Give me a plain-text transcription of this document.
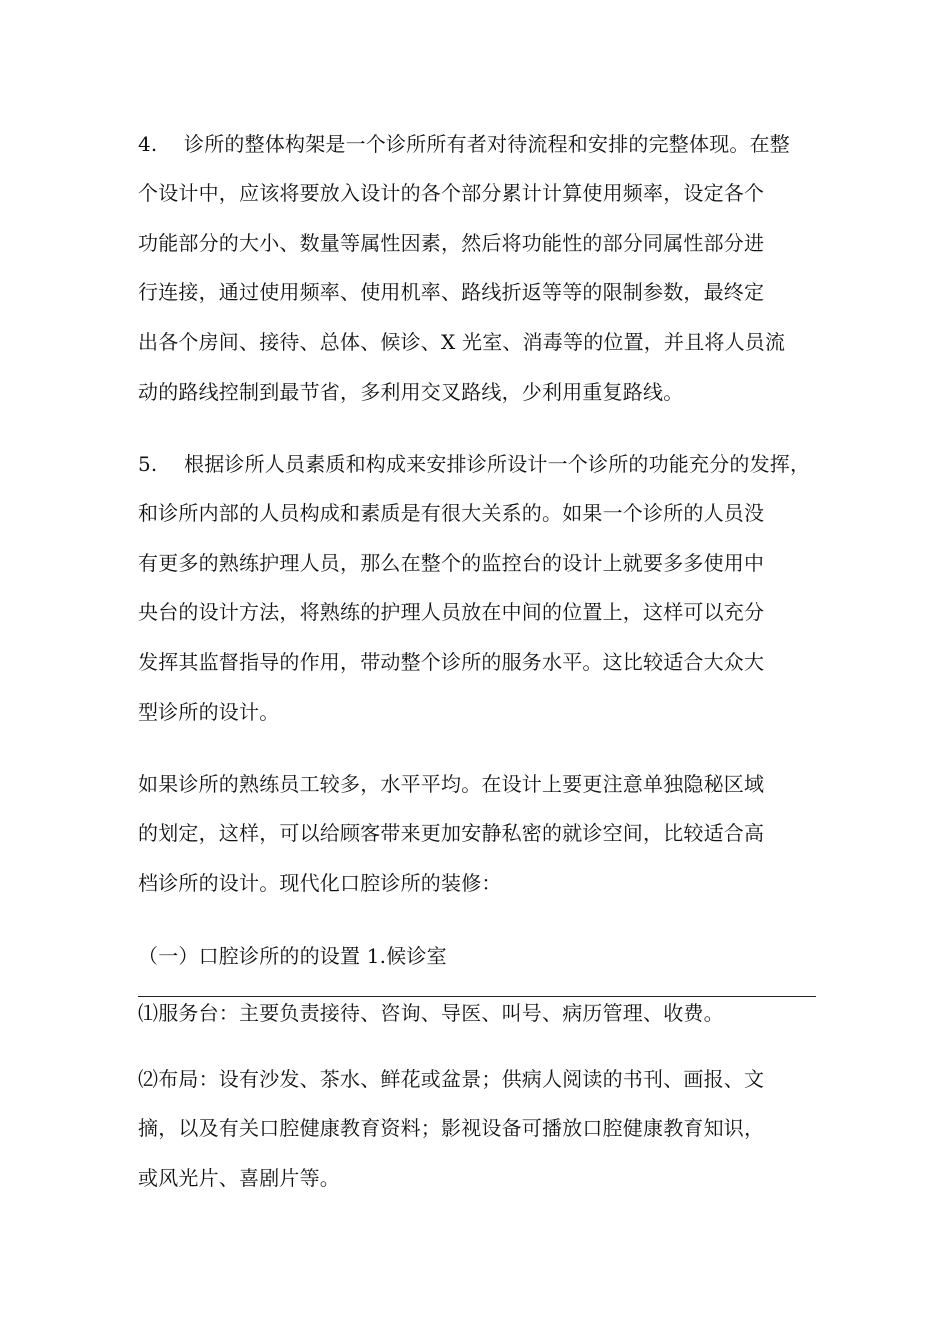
4. 诊所的整体构架是一个诊所所有者对待流程和安排的完整体现。在整
个设计中，应该将要放入设计的各个部分累计计算使用频率，设定各个
功能部分的大小、数量等属性因素，然后将功能性的部分同属性部分进
行连接，通过使用频率、使用机率、路线折返等等的限制参数，最终定
出各个房间、接待、总体、候诊、X 光室、消毒等的位置，并且将人员流
动的路线控制到最节省，多利用交叉路线，少利用重复路线。
5. 根据诊所人员素质和构成来安排诊所设计一个诊所的功能充分的发挥，
和诊所内部的人员构成和素质是有很大关系的。如果一个诊所的人员没
有更多的熟练护理人员，那么在整个的监控台的设计上就要多多使用中
央台的设计方法，将熟练的护理人员放在中间的位置上，这样可以充分
发挥其监督指导的作用，带动整个诊所的服务水平。这比较适合大众大
型诊所的设计。
如果诊所的熟练员工较多，水平平均。在设计上要更注意单独隐秘区域
的划定，这样，可以给顾客带来更加安静私密的就诊空间，比较适合高
档诊所的设计。现代化口腔诊所的装修：
（一）口腔诊所的的设置 1.候诊室
⑴服务台：主要负责接待、咨询、导医、叫号、病历管理、收费。
⑵布局：设有沙发、茶水、鲜花或盆景；供病人阅读的书刊、画报、文
摘，以及有关口腔健康教育资料；影视设备可播放口腔健康教育知识，
或风光片、喜剧片等。
